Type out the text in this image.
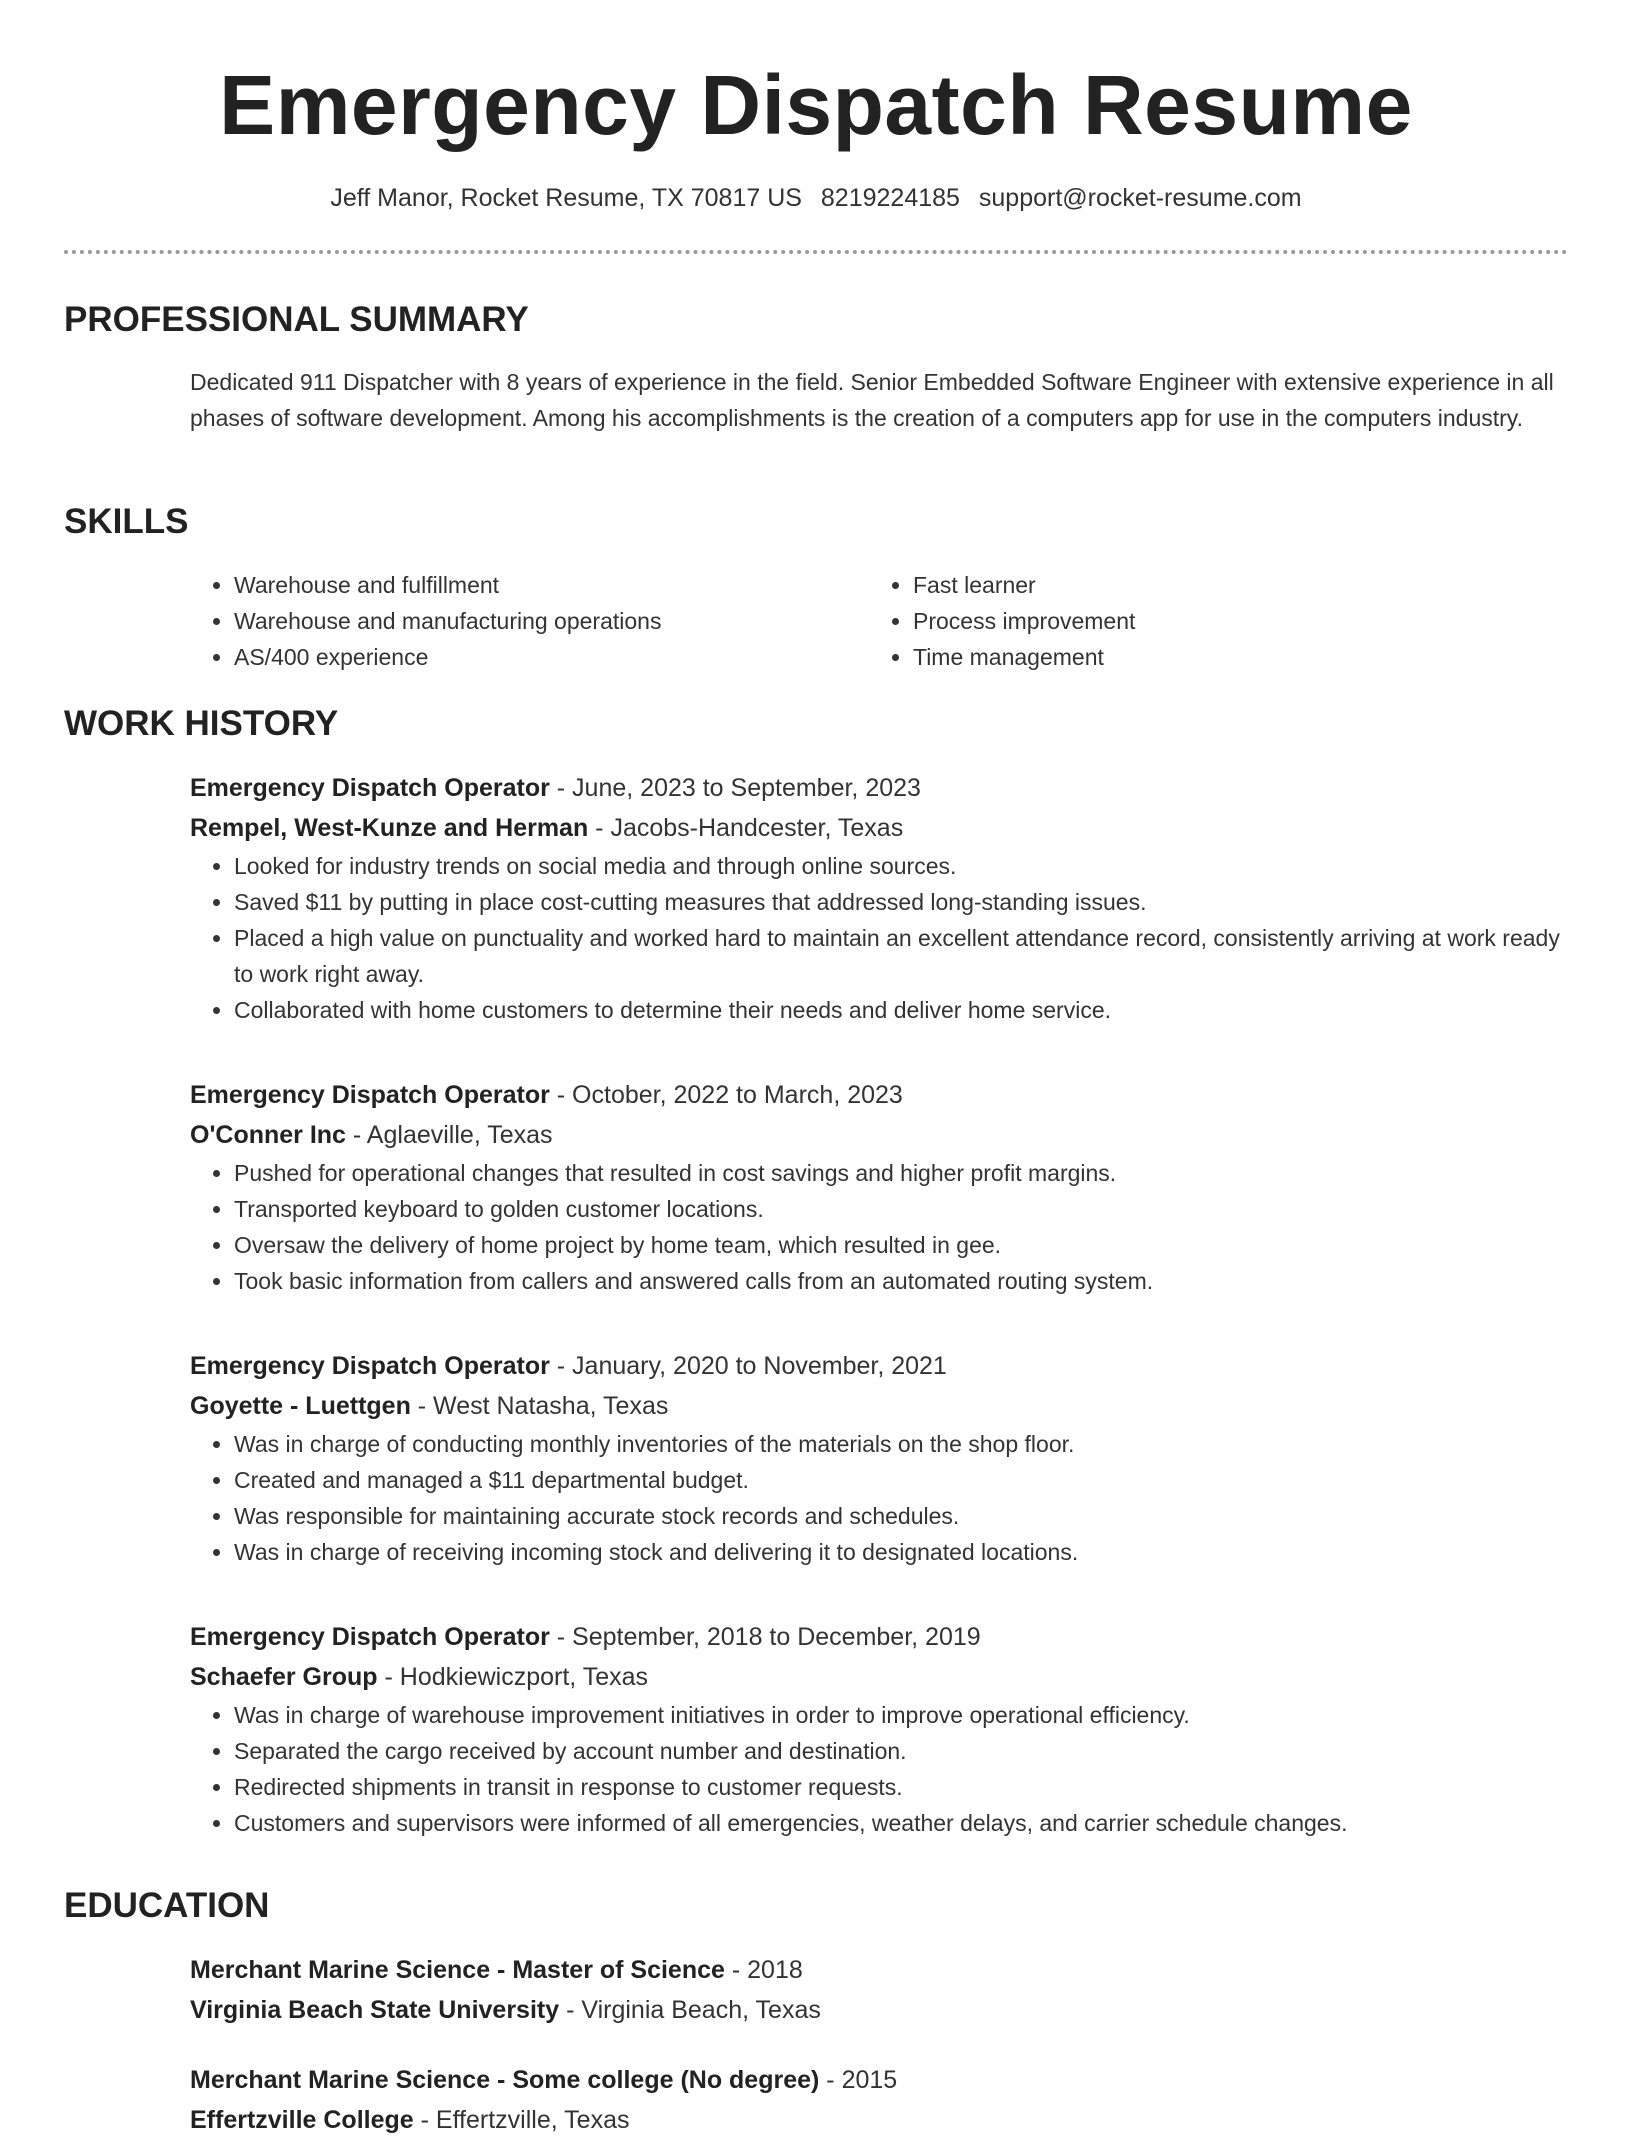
Emergency Dispatch Resume
Jeff Manor, Rocket Resume, TX 70817 US 8219224185 support@rocket-resume.com
PROFESSIONAL SUMMARY

Dedicated 911 Dispatcher with 8 years of experience in the field. Senior Embedded Software Engineer with extensive experience in all phases of software development. Among his accomplishments is the creation of a computers app for use in the computers industry.

SKILLS
• Warehouse and fulfillment
• Warehouse and manufacturing operations
• AS/400 experience
• Fast learner
• Process improvement
• Time management
WORK HISTORY
Emergency Dispatch Operator - June, 2023 to September, 2023
Rempel, West-Kunze and Herman - Jacobs-Handcester, Texas
• Looked for industry trends on social media and through online sources.
• Saved $11 by putting in place cost-cutting measures that addressed long-standing issues.
• Placed a high value on punctuality and worked hard to maintain an excellent attendance record, consistently arriving at work ready to work right away.
• Collaborated with home customers to determine their needs and deliver home service.
Emergency Dispatch Operator - October, 2022 to March, 2023
O'Conner Inc - Aglaeville, Texas
• Pushed for operational changes that resulted in cost savings and higher profit margins.
• Transported keyboard to golden customer locations.
• Oversaw the delivery of home project by home team, which resulted in gee.
• Took basic information from callers and answered calls from an automated routing system.
Emergency Dispatch Operator - January, 2020 to November, 2021
Goyette - Luettgen - West Natasha, Texas
• Was in charge of conducting monthly inventories of the materials on the shop floor.
• Created and managed a $11 departmental budget.
• Was responsible for maintaining accurate stock records and schedules.
• Was in charge of receiving incoming stock and delivering it to designated locations.
Emergency Dispatch Operator - September, 2018 to December, 2019
Schaefer Group - Hodkiewiczport, Texas
• Was in charge of warehouse improvement initiatives in order to improve operational efficiency.
• Separated the cargo received by account number and destination.
• Redirected shipments in transit in response to customer requests.
• Customers and supervisors were informed of all emergencies, weather delays, and carrier schedule changes.
EDUCATION
Merchant Marine Science - Master of Science - 2018
Virginia Beach State University - Virginia Beach, Texas
Merchant Marine Science - Some college (No degree) - 2015
Effertzville College - Effertzville, Texas
